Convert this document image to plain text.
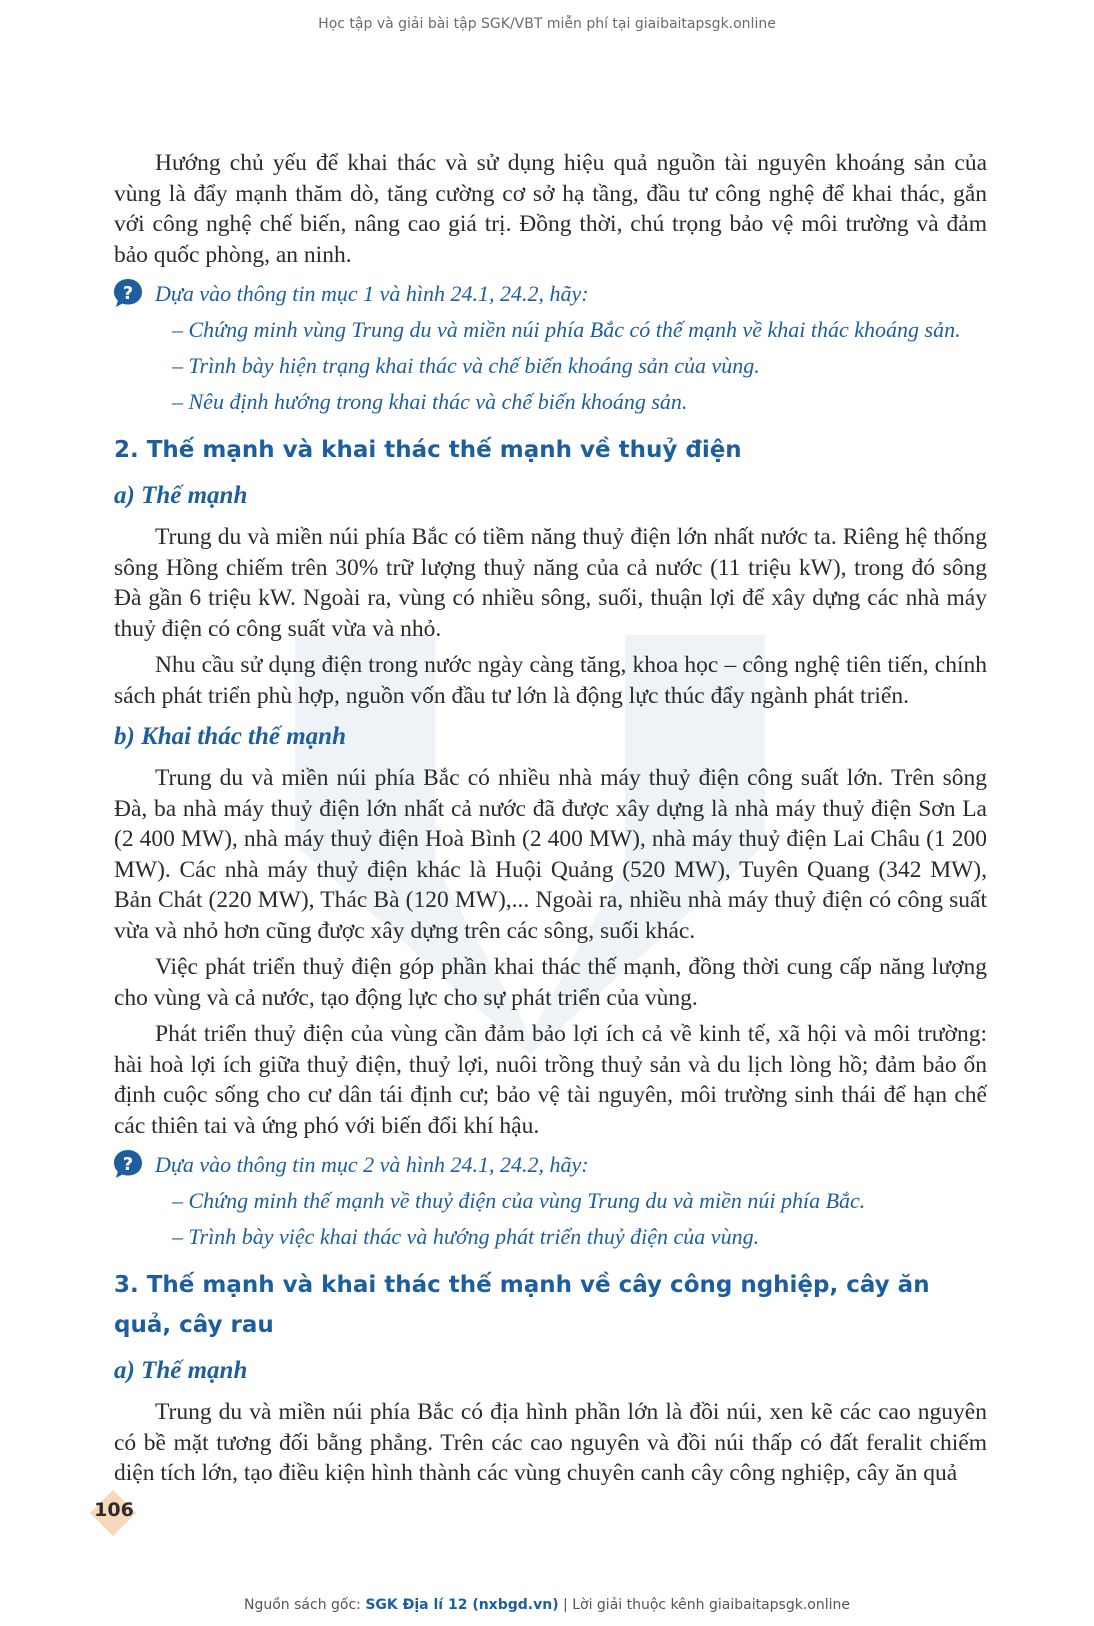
Học tập và giải bài tập SGK/VBT miễn phí tại giaibaitapsgk.online

Hướng chủ yếu để khai thác và sử dụng hiệu quả nguồn tài nguyên khoáng sản của vùng là đẩy mạnh thăm dò, tăng cường cơ sở hạ tầng, đầu tư công nghệ để khai thác, gắn với công nghệ chế biến, nâng cao giá trị. Đồng thời, chú trọng bảo vệ môi trường và đảm bảo quốc phòng, an ninh.

? Dựa vào thông tin mục 1 và hình 24.1, 24.2, hãy:
– Chứng minh vùng Trung du và miền núi phía Bắc có thế mạnh về khai thác khoáng sản.
– Trình bày hiện trạng khai thác và chế biến khoáng sản của vùng.
– Nêu định hướng trong khai thác và chế biến khoáng sản.
2. Thế mạnh và khai thác thế mạnh về thuỷ điện
a) Thế mạnh

Trung du và miền núi phía Bắc có tiềm năng thuỷ điện lớn nhất nước ta. Riêng hệ thống sông Hồng chiếm trên 30% trữ lượng thuỷ năng của cả nước (11 triệu kW), trong đó sông Đà gần 6 triệu kW. Ngoài ra, vùng có nhiều sông, suối, thuận lợi để xây dựng các nhà máy thuỷ điện có công suất vừa và nhỏ.

Nhu cầu sử dụng điện trong nước ngày càng tăng, khoa học – công nghệ tiên tiến, chính sách phát triển phù hợp, nguồn vốn đầu tư lớn là động lực thúc đẩy ngành phát triển.

b) Khai thác thế mạnh

Trung du và miền núi phía Bắc có nhiều nhà máy thuỷ điện công suất lớn. Trên sông Đà, ba nhà máy thuỷ điện lớn nhất cả nước đã được xây dựng là nhà máy thuỷ điện Sơn La (2 400 MW), nhà máy thuỷ điện Hoà Bình (2 400 MW), nhà máy thuỷ điện Lai Châu (1 200 MW). Các nhà máy thuỷ điện khác là Huội Quảng (520 MW), Tuyên Quang (342 MW), Bản Chát (220 MW), Thác Bà (120 MW),... Ngoài ra, nhiều nhà máy thuỷ điện có công suất vừa và nhỏ hơn cũng được xây dựng trên các sông, suối khác.

Việc phát triển thuỷ điện góp phần khai thác thế mạnh, đồng thời cung cấp năng lượng cho vùng và cả nước, tạo động lực cho sự phát triển của vùng.

Phát triển thuỷ điện của vùng cần đảm bảo lợi ích cả về kinh tế, xã hội và môi trường: hài hoà lợi ích giữa thuỷ điện, thuỷ lợi, nuôi trồng thuỷ sản và du lịch lòng hồ; đảm bảo ổn định cuộc sống cho cư dân tái định cư; bảo vệ tài nguyên, môi trường sinh thái để hạn chế các thiên tai và ứng phó với biến đổi khí hậu.

? Dựa vào thông tin mục 2 và hình 24.1, 24.2, hãy:
– Chứng minh thế mạnh về thuỷ điện của vùng Trung du và miền núi phía Bắc.
– Trình bày việc khai thác và hướng phát triển thuỷ điện của vùng.
3. Thế mạnh và khai thác thế mạnh về cây công nghiệp, cây ăn quả, cây rau
a) Thế mạnh

Trung du và miền núi phía Bắc có địa hình phần lớn là đồi núi, xen kẽ các cao nguyên có bề mặt tương đối bằng phẳng. Trên các cao nguyên và đồi núi thấp có đất feralit chiếm diện tích lớn, tạo điều kiện hình thành các vùng chuyên canh cây công nghiệp, cây ăn quả

106
Nguồn sách gốc: SGK Địa lí 12 (nxbgd.vn) | Lời giải thuộc kênh giaibaitapsgk.online
